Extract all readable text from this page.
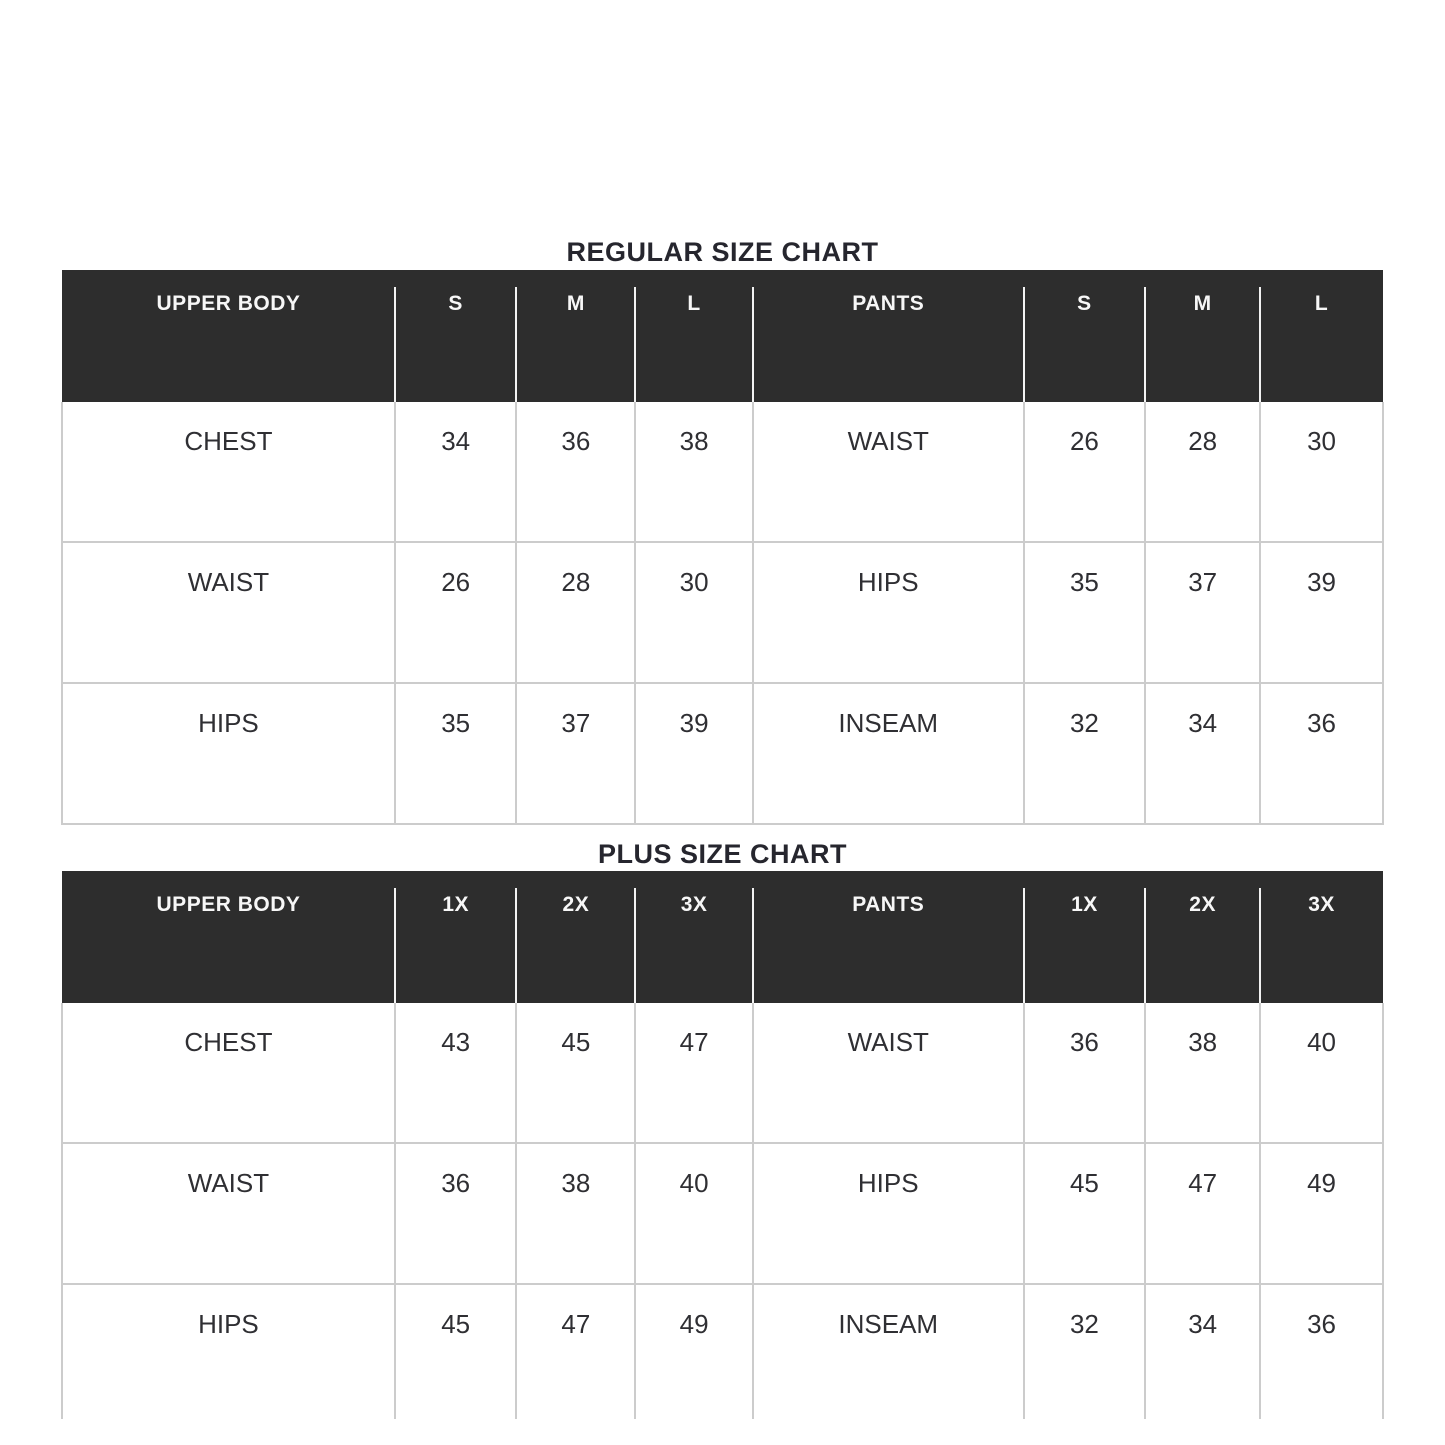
REGULAR SIZE CHART
UPPER BODY	S	M	L	PANTS	S	M	L
CHEST	34	36	38	WAIST	26	28	30
WAIST	26	28	30	HIPS	35	37	39
HIPS	35	37	39	INSEAM	32	34	36
PLUS SIZE CHART
UPPER BODY	1X	2X	3X	PANTS	1X	2X	3X
CHEST	43	45	47	WAIST	36	38	40
WAIST	36	38	40	HIPS	45	47	49
HIPS	45	47	49	INSEAM	32	34	36
